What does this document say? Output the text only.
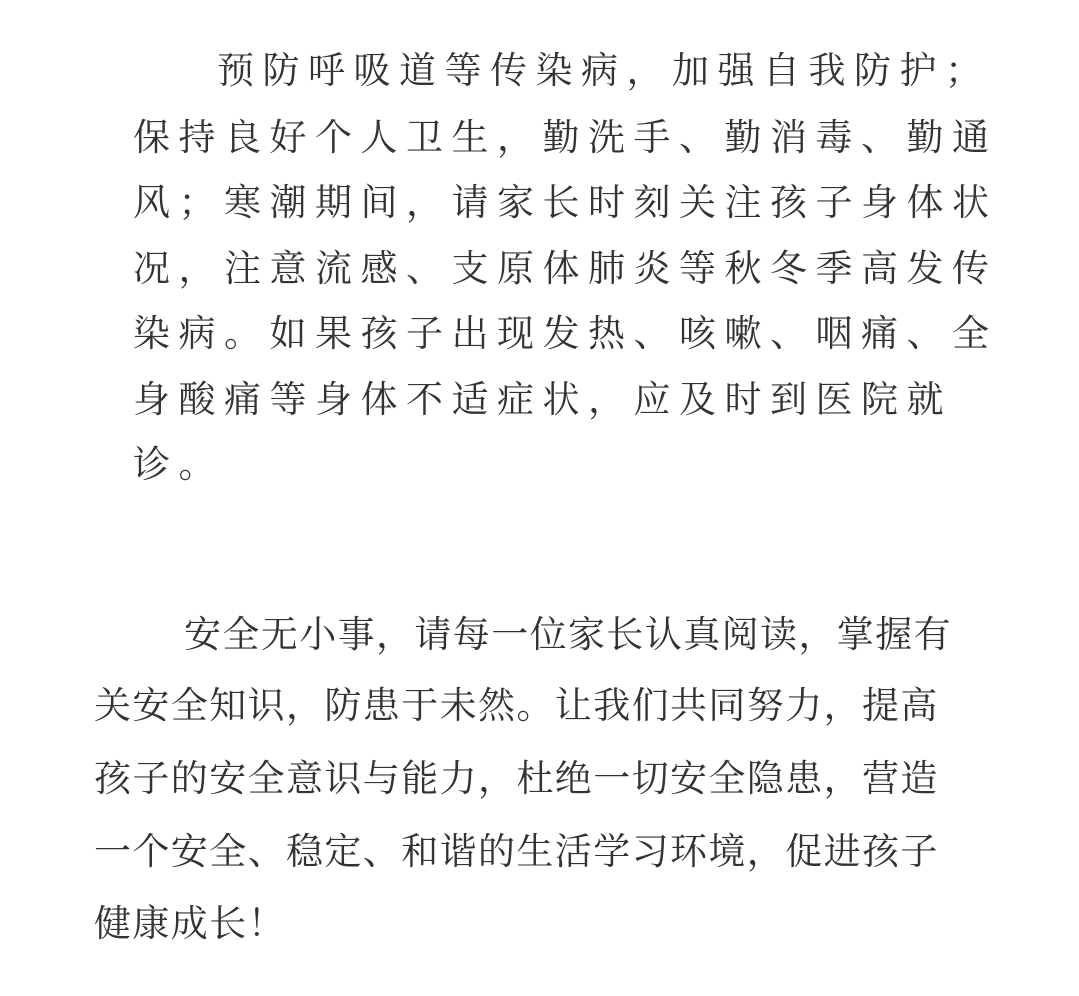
预防呼吸道等传染病，加强自我防护；

保持良好个人卫生，勤洗手、勤消毒、勤通

风；寒潮期间，请家长时刻关注孩子身体状

况，注意流感、支原体肺炎等秋冬季高发传

染病。如果孩子出现发热、咳嗽、咽痛、全

身酸痛等身体不适症状，应及时到医院就

诊。

安全无小事，请每一位家长认真阅读，掌握有

关安全知识，防患于未然。让我们共同努力，提高

孩子的安全意识与能力，杜绝一切安全隐患，营造

一个安全、稳定、和谐的生活学习环境，促进孩子

健康成长！
